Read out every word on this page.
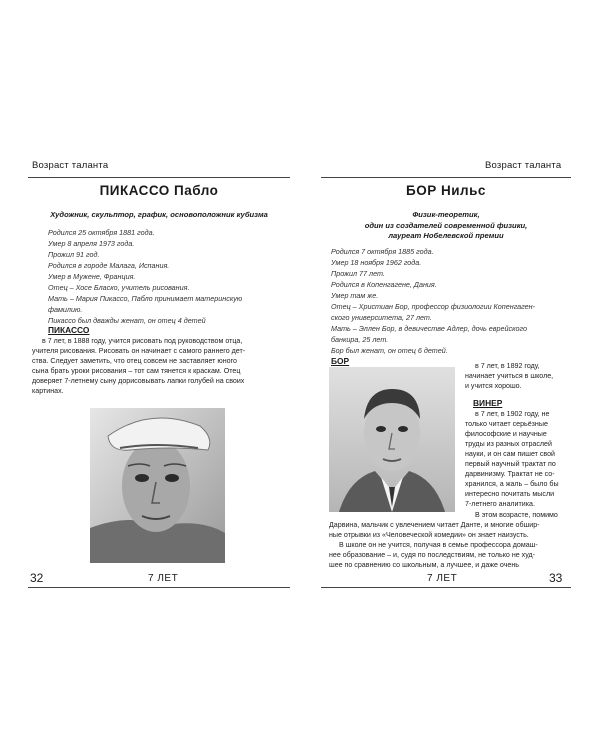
Возраст таланта
ПИКАССО Пабло
Художник, скульптор, график, основоположник кубизма
Родился 25 октября 1881 года.
Умер 8 апреля 1973 года.
Прожил 91 год.
Родился в городе Малага, Испания.
Умер в Мужене, Франция.
Отец – Хосе Бласко, учитель рисования.
Мать – Мария Пикассо, Пабло принимает материнскую
фамилию.
Пикассо был дважды женат, он отец 4 детей
ПИКАССО
в 7 лет, в 1888 году, учится рисовать под руководством отца,
учителя рисования. Рисовать он начинает с самого раннего дет-
ства. Следует заметить, что отец совсем не заставляет юного
сына брать уроки рисования – тот сам тянется к краскам. Отец
доверяет 7-летнему сыну дорисовывать лапки голубей на своих
картинах.
32	7 ЛЕТ
Возраст таланта
БОР Нильс
Физик-теоретик,
один из создателей современной физики,
лауреат Нобелевской премии
Родился 7 октября 1885 года.
Умер 18 ноября 1962 года.
Прожил 77 лет.
Родился в Копенгагене, Дания.
Умер там же.
Отец – Христиан Бор, профессор физиологии Копенгаген-
ского университета, 27 лет.
Мать – Эллен Бор, в девичестве Адлер, дочь еврейского
банкира, 25 лет.
Бор был женат, он отец 6 детей.
БОР	в 7 лет, в 1892 году,
начинает учиться в школе,
и учится хорошо.
ВИНЕР
в 7 лет, в 1902 году, не
только читает серьёзные
философские и научные
труды из разных отраслей
науки, и он сам пишет свой
первый научный трактат по
дарвинизму. Трактат не со-
хранился, а жаль – было бы
интересно почитать мысли
7-летнего аналитика.
В этом возрасте, помимо
Дарвина, мальчик с увлечением читает Данте, и многие обшир-
ные отрывки из «Человеческой комедии» он знает наизусть.
В школе он не учится, получая в семье профессора домаш-
нее образование – и, судя по последствиям, не только не худ-
шее по сравнению со школьным, а лучшее, и даже очень
7 ЛЕТ	33
